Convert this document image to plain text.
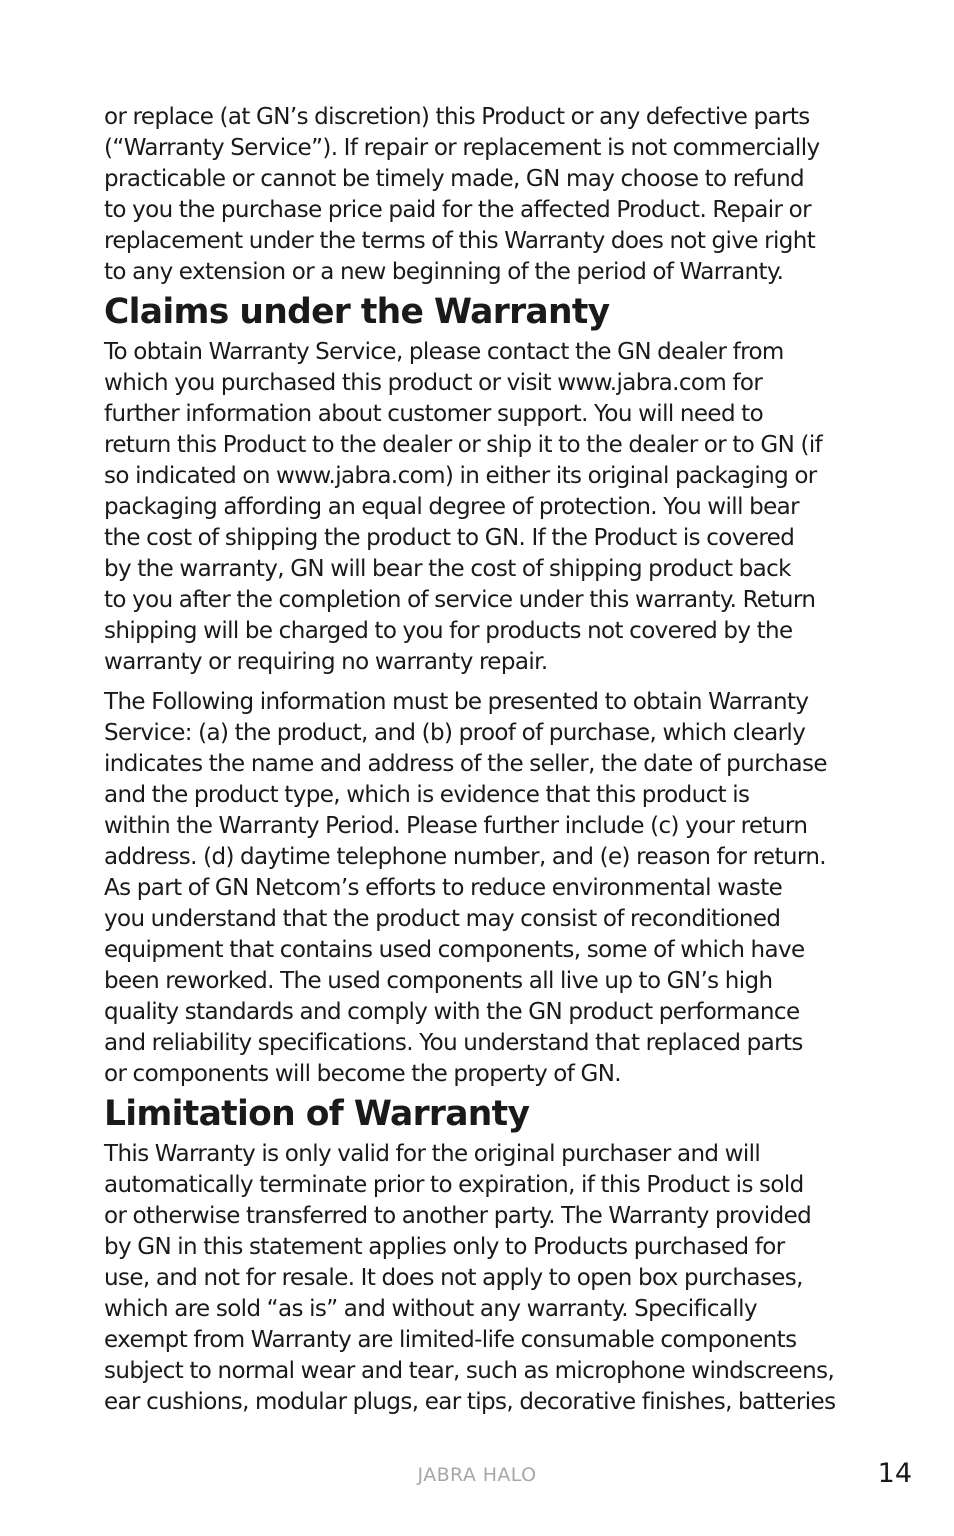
or replace (at GN’s discretion) this Product or any defective parts
(“Warranty Service”). If repair or replacement is not commercially
practicable or cannot be timely made, GN may choose to refund
to you the purchase price paid for the affected Product. Repair or
replacement under the terms of this Warranty does not give right
to any extension or a new beginning of the period of Warranty.

Claims under the Warranty

To obtain Warranty Service, please contact the GN dealer from
which you purchased this product or visit www.jabra.com for
further information about customer support. You will need to
return this Product to the dealer or ship it to the dealer or to GN (if
so indicated on www.jabra.com) in either its original packaging or
packaging affording an equal degree of protection. You will bear
the cost of shipping the product to GN. If the Product is covered
by the warranty, GN will bear the cost of shipping product back
to you after the completion of service under this warranty. Return
shipping will be charged to you for products not covered by the
warranty or requiring no warranty repair.

The Following information must be presented to obtain Warranty
Service: (a) the product, and (b) proof of purchase, which clearly
indicates the name and address of the seller, the date of purchase
and the product type, which is evidence that this product is
within the Warranty Period. Please further include (c) your return
address. (d) daytime telephone number, and (e) reason for return.
As part of GN Netcom’s efforts to reduce environmental waste
you understand that the product may consist of reconditioned
equipment that contains used components, some of which have
been reworked. The used components all live up to GN’s high
quality standards and comply with the GN product performance
and reliability specifications. You understand that replaced parts
or components will become the property of GN.

Limitation of Warranty

This Warranty is only valid for the original purchaser and will
automatically terminate prior to expiration, if this Product is sold
or otherwise transferred to another party. The Warranty provided
by GN in this statement applies only to Products purchased for
use, and not for resale. It does not apply to open box purchases,
which are sold “as is” and without any warranty. Specifically
exempt from Warranty are limited-life consumable components
subject to normal wear and tear, such as microphone windscreens,
ear cushions, modular plugs, ear tips, decorative finishes, batteries

JABRA HALO	14
